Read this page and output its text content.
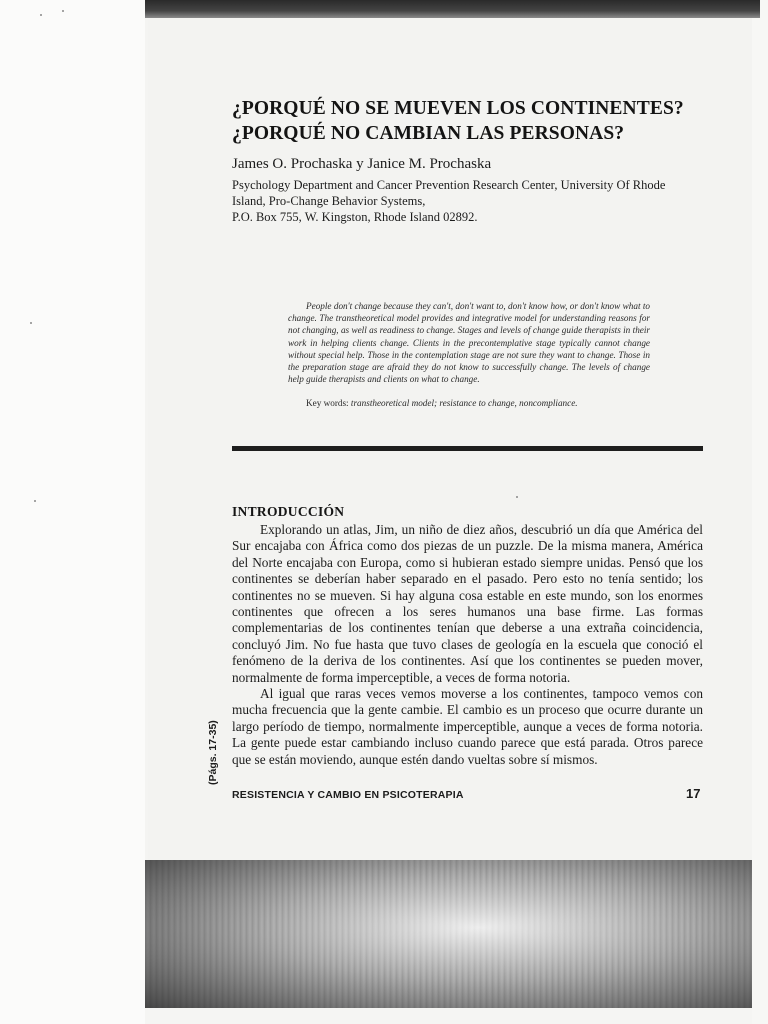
¿PORQUÉ NO SE MUEVEN LOS CONTINENTES?
¿PORQUÉ NO CAMBIAN LAS PERSONAS?
James O. Prochaska y Janice M. Prochaska
Psychology Department and Cancer Prevention Research Center, University Of Rhode
Island, Pro-Change Behavior Systems,
P.O. Box 755, W. Kingston, Rhode Island 02892.
People don't change because they can't, don't want to, don't know how, or don't know what to change. The transtheoretical model provides and integrative model for understanding reasons for not changing, as well as readiness to change. Stages and levels of change guide therapists in their work in helping clients change. Clients in the precontemplative stage typically cannot change without special help. Those in the contemplation stage are not sure they want to change. Those in the preparation stage are afraid they do not know to successfully change. The levels of change help guide therapists and clients on what to change.
Key words: transtheoretical model; resistance to change, noncompliance.
INTRODUCCIÓN

Explorando un atlas, Jim, un niño de diez años, descubrió un día que América del Sur encajaba con África como dos piezas de un puzzle. De la misma manera, América del Norte encajaba con Europa, como si hubieran estado siempre unidas. Pensó que los continentes se deberían haber separado en el pasado. Pero esto no tenía sentido; los continentes no se mueven. Si hay alguna cosa estable en este mundo, son los enormes continentes que ofrecen a los seres humanos una base firme. Las formas complementarias de los continentes tenían que deberse a una extraña coincidencia, concluyó Jim. No fue hasta que tuvo clases de geología en la escuela que conoció el fenómeno de la deriva de los continentes. Así que los continentes se pueden mover, normalmente de forma imperceptible, a veces de forma notoria.

Al igual que raras veces vemos moverse a los continentes, tampoco vemos con mucha frecuencia que la gente cambie. El cambio es un proceso que ocurre durante un largo período de tiempo, normalmente imperceptible, aunque a veces de forma notoria. La gente puede estar cambiando incluso cuando parece que está parada. Otros parece que se están moviendo, aunque estén dando vueltas sobre sí mismos.

(Págs. 17-35)
RESISTENCIA Y CAMBIO EN PSICOTERAPIA	17
